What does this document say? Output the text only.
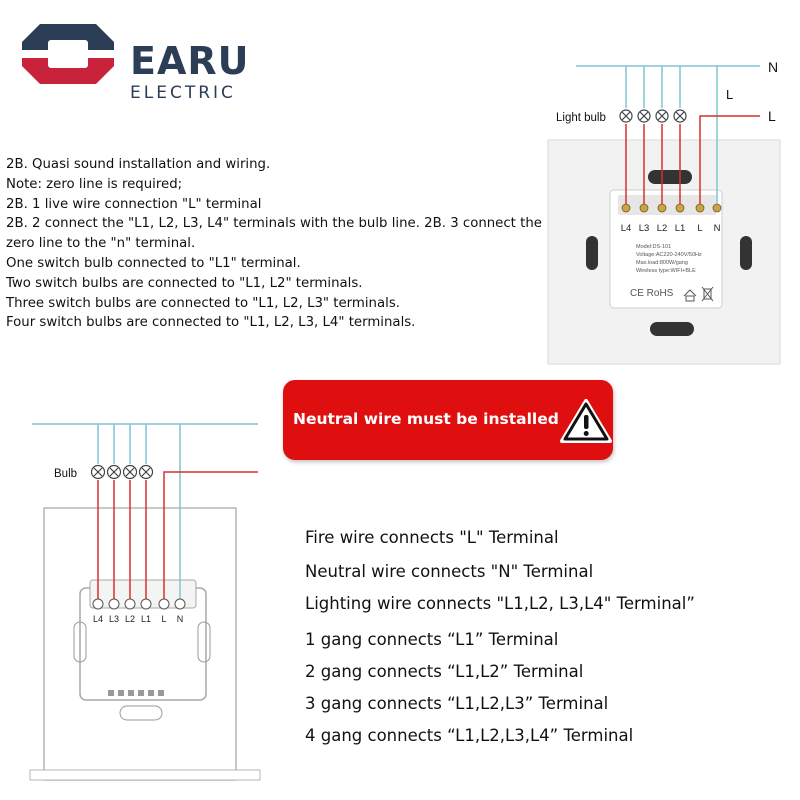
EARU
ELECTRIC
2B. Quasi sound installation and wiring.
Note: zero line is required;
2B. 1 live wire connection "L" terminal
2B. 2 connect the "L1, L2, L3, L4" terminals with the bulb line. 2B. 3 connect the zero line to the "n" terminal.
One switch bulb connected to "L1" terminal.
Two switch bulbs are connected to "L1, L2" terminals.
Three switch bulbs are connected to "L1, L2, L3" terminals.
Four switch bulbs are connected to "L1, L2, L3, L4" terminals.
N
L
L
Light bulb
L4 L3 L2 L1 L N
Model:DS-101
Voltage:AC220-240V/50Hz
Max.load:800W/gang
Wireless type:WIFI+BLE
CE RoHS
Neutral wire must be installed
Bulb
L4 L3 L2 L1 L N
Fire wire connects "L" Terminal
Neutral wire connects "N" Terminal
Lighting wire connects "L1,L2, L3,L4" Terminal”
1 gang connects “L1” Terminal
2 gang connects “L1,L2” Terminal
3 gang connects “L1,L2,L3” Terminal
4 gang connects “L1,L2,L3,L4” Terminal
